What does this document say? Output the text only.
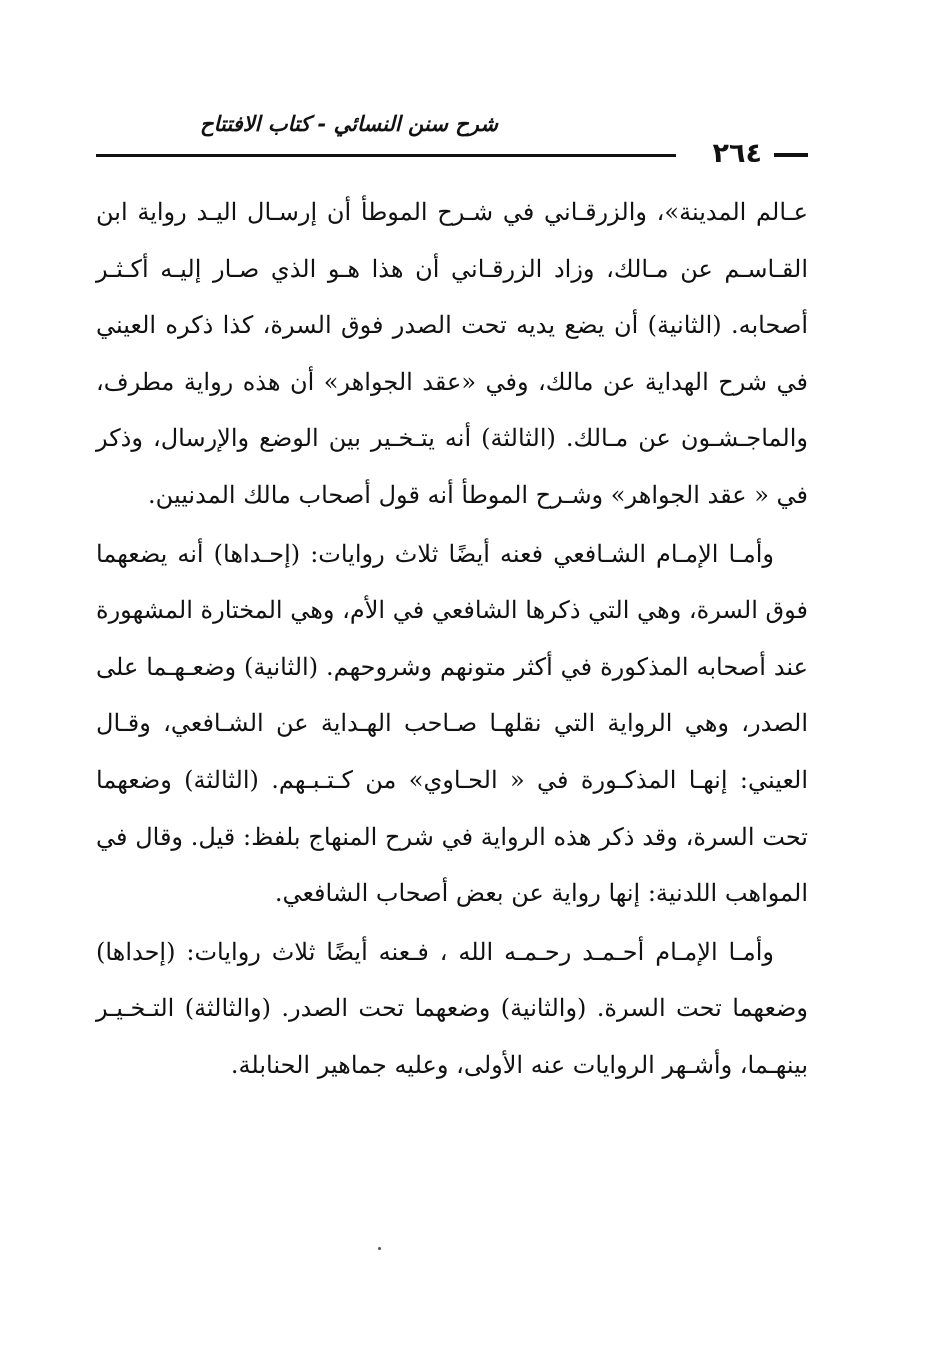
شرح سنن النسائي - كتاب الافتتاح
٢٦٤

عـالم المدينة»، والزرقـاني في شـرح الموطأ أن إرسـال اليـد رواية ابن القـاسـم عن مـالك، وزاد الزرقـاني أن هذا هـو الذي صـار إليـه أكـثـر أصحابه. (الثانية) أن يضع يديه تحت الصدر فوق السرة، كذا ذكره العيني في شرح الهداية عن مالك، وفي «عقد الجواهر» أن هذه رواية مطرف، والماجـشـون عن مـالك. (الثالثة) أنه يتـخـير بين الوضع والإرسال، وذكر في « عقد الجواهر» وشـرح الموطأ أنه قول أصحاب مالك المدنيين.

وأمـا الإمـام الشـافعي فعنه أيضًا ثلاث روايات: (إحـداها) أنه يضعهما فوق السرة، وهي التي ذكرها الشافعي في الأم، وهي المختارة المشهورة عند أصحابه المذكورة في أكثر متونهم وشروحهم. (الثانية) وضعـهـما على الصدر، وهي الرواية التي نقلهـا صـاحب الهـداية عن الشـافعي، وقـال العيني: إنهـا المذكـورة في « الحـاوي» من كـتـبـهم. (الثالثة) وضعهما تحت السرة، وقد ذكر هذه الرواية في شرح المنهاج بلفظ: قيل. وقال في المواهب اللدنية: إنها رواية عن بعض أصحاب الشافعي.

وأمـا الإمـام أحـمـد رحـمـه الله ، فـعنه أيضًا ثلاث روايات: (إحداها) وضعهما تحت السرة. (والثانية) وضعهما تحت الصدر. (والثالثة) التـخـيـر بينهـما، وأشـهر الروايات عنه الأولى، وعليه جماهير الحنابلة.
